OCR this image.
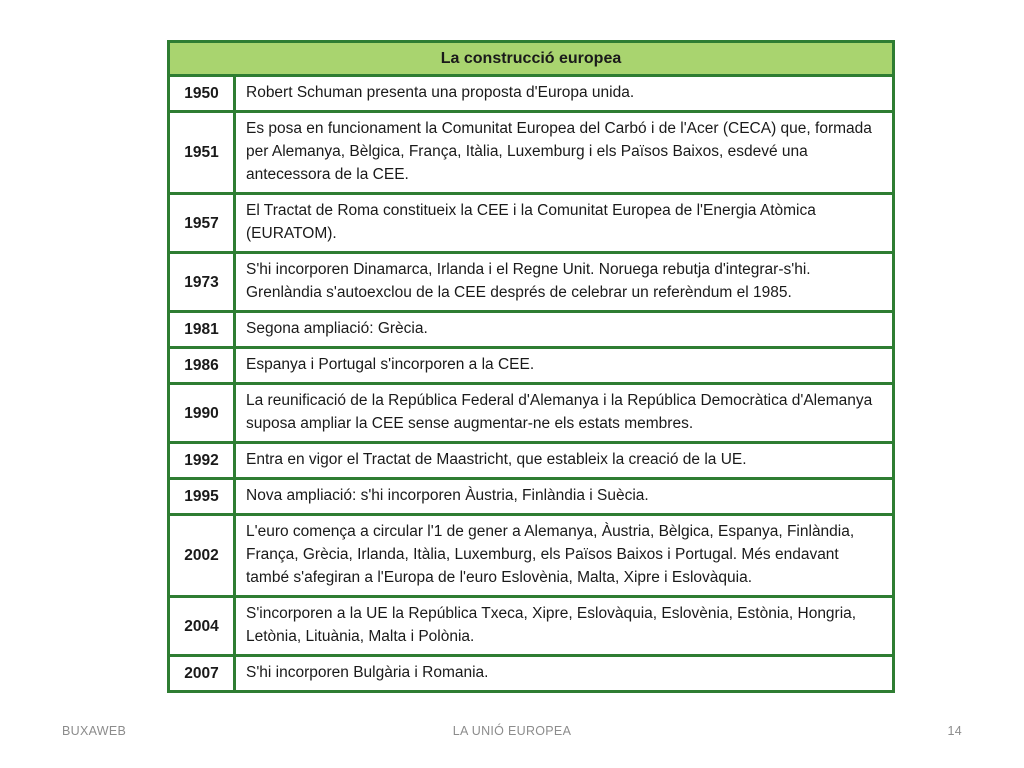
La construcció europea	
1950	Robert Schuman presenta una proposta d'Europa unida.
1951	Es posa en funcionament la Comunitat Europea del Carbó i de l'Acer (CECA) que, formada per Alemanya, Bèlgica, França, Itàlia, Luxemburg i els Països Baixos, esdevé una antecessora de la CEE.
1957	El Tractat de Roma constitueix la CEE i la Comunitat Europea de l'Energia Atòmica (EURATOM).
1973	S'hi incorporen Dinamarca, Irlanda i el Regne Unit. Noruega rebutja d'integrar-s'hi. Grenlàndia s'autoexclou de la CEE després de celebrar un referèndum el 1985.
1981	Segona ampliació: Grècia.
1986	Espanya i Portugal s'incorporen a la CEE.
1990	La reunificació de la República Federal d'Alemanya i la República Democràtica d'Alemanya suposa ampliar la CEE sense augmentar-ne els estats membres.
1992	Entra en vigor el Tractat de Maastricht, que estableix la creació de la UE.
1995	Nova ampliació: s'hi incorporen Àustria, Finlàndia i Suècia.
2002	L'euro comença a circular l'1 de gener a Alemanya, Àustria, Bèlgica, Espanya, Finlàndia, França, Grècia, Irlanda, Itàlia, Luxemburg, els Països Baixos i Portugal. Més endavant també s'afegiran a l'Europa de l'euro Eslovènia, Malta, Xipre i Eslovàquia.
2004	S'incorporen a la UE la República Txeca, Xipre, Eslovàquia, Eslovènia, Estònia, Hongria, Letònia, Lituània, Malta i Polònia.
2007	S'hi incorporen Bulgària i Romania.
BUXAWEB	LA UNIÓ EUROPEA	14
